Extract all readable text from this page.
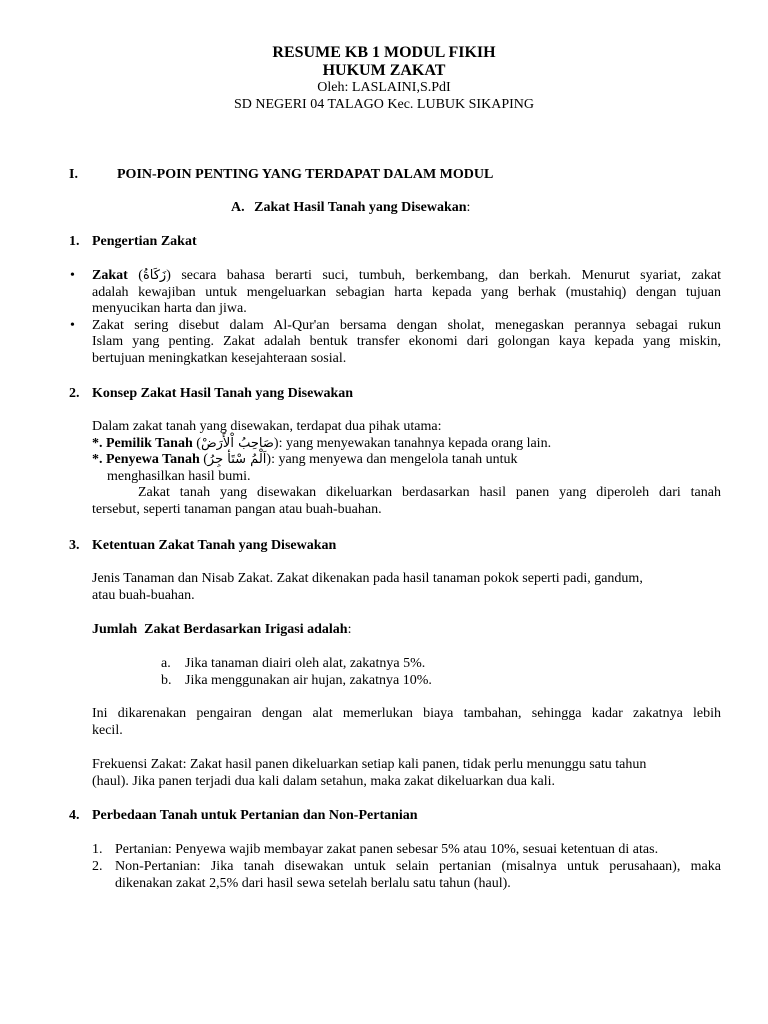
RESUME KB 1 MODUL FIKIH
HUKUM ZAKAT
Oleh: LASLAINI,S.PdI
SD NEGERI 04 TALAGO Kec. LUBUK SIKAPING
I.	POIN-POIN PENTING YANG TERDAPAT DALAM MODUL
A. Zakat Hasil Tanah yang Disewakan:
1. Pengertian Zakat
• Zakat (زَكَاةُ) secara bahasa berarti suci, tumbuh, berkembang, dan berkah. Menurut syariat, zakat
adalah kewajiban untuk mengeluarkan sebagian harta kepada yang berhak (mustahiq) dengan tujuan
menyucikan harta dan jiwa.
• Zakat sering disebut dalam Al-Qur'an bersama dengan sholat, menegaskan perannya sebagai rukun
Islam yang penting. Zakat adalah bentuk transfer ekonomi dari golongan kaya kepada yang miskin,
bertujuan meningkatkan kesejahteraan sosial.
2. Konsep Zakat Hasil Tanah yang Disewakan
Dalam zakat tanah yang disewakan, terdapat dua pihak utama:
*. Pemilik Tanah (صَاحِبُ اْلأَرَضْ): yang menyewakan tanahnya kepada orang lain.
*. Penyewa Tanah (اَلْمُ سْتَأ جِرُ): yang menyewa dan mengelola tanah untuk
menghasilkan hasil bumi.
Zakat tanah yang disewakan dikeluarkan berdasarkan hasil panen yang diperoleh dari tanah
tersebut, seperti tanaman pangan atau buah-buahan.
3. Ketentuan Zakat Tanah yang Disewakan
Jenis Tanaman dan Nisab Zakat. Zakat dikenakan pada hasil tanaman pokok seperti padi, gandum,
atau buah-buahan.
Jumlah  Zakat Berdasarkan Irigasi adalah:
a. Jika tanaman diairi oleh alat, zakatnya 5%.
b. Jika menggunakan air hujan, zakatnya 10%.
Ini dikarenakan pengairan dengan alat memerlukan biaya tambahan, sehingga kadar zakatnya lebih
kecil.
Frekuensi Zakat: Zakat hasil panen dikeluarkan setiap kali panen, tidak perlu menunggu satu tahun
(haul). Jika panen terjadi dua kali dalam setahun, maka zakat dikeluarkan dua kali.
4. Perbedaan Tanah untuk Pertanian dan Non-Pertanian
1. Pertanian: Penyewa wajib membayar zakat panen sebesar 5% atau 10%, sesuai ketentuan di atas.
2. Non-Pertanian: Jika tanah disewakan untuk selain pertanian (misalnya untuk perusahaan), maka
dikenakan zakat 2,5% dari hasil sewa setelah berlalu satu tahun (haul).
